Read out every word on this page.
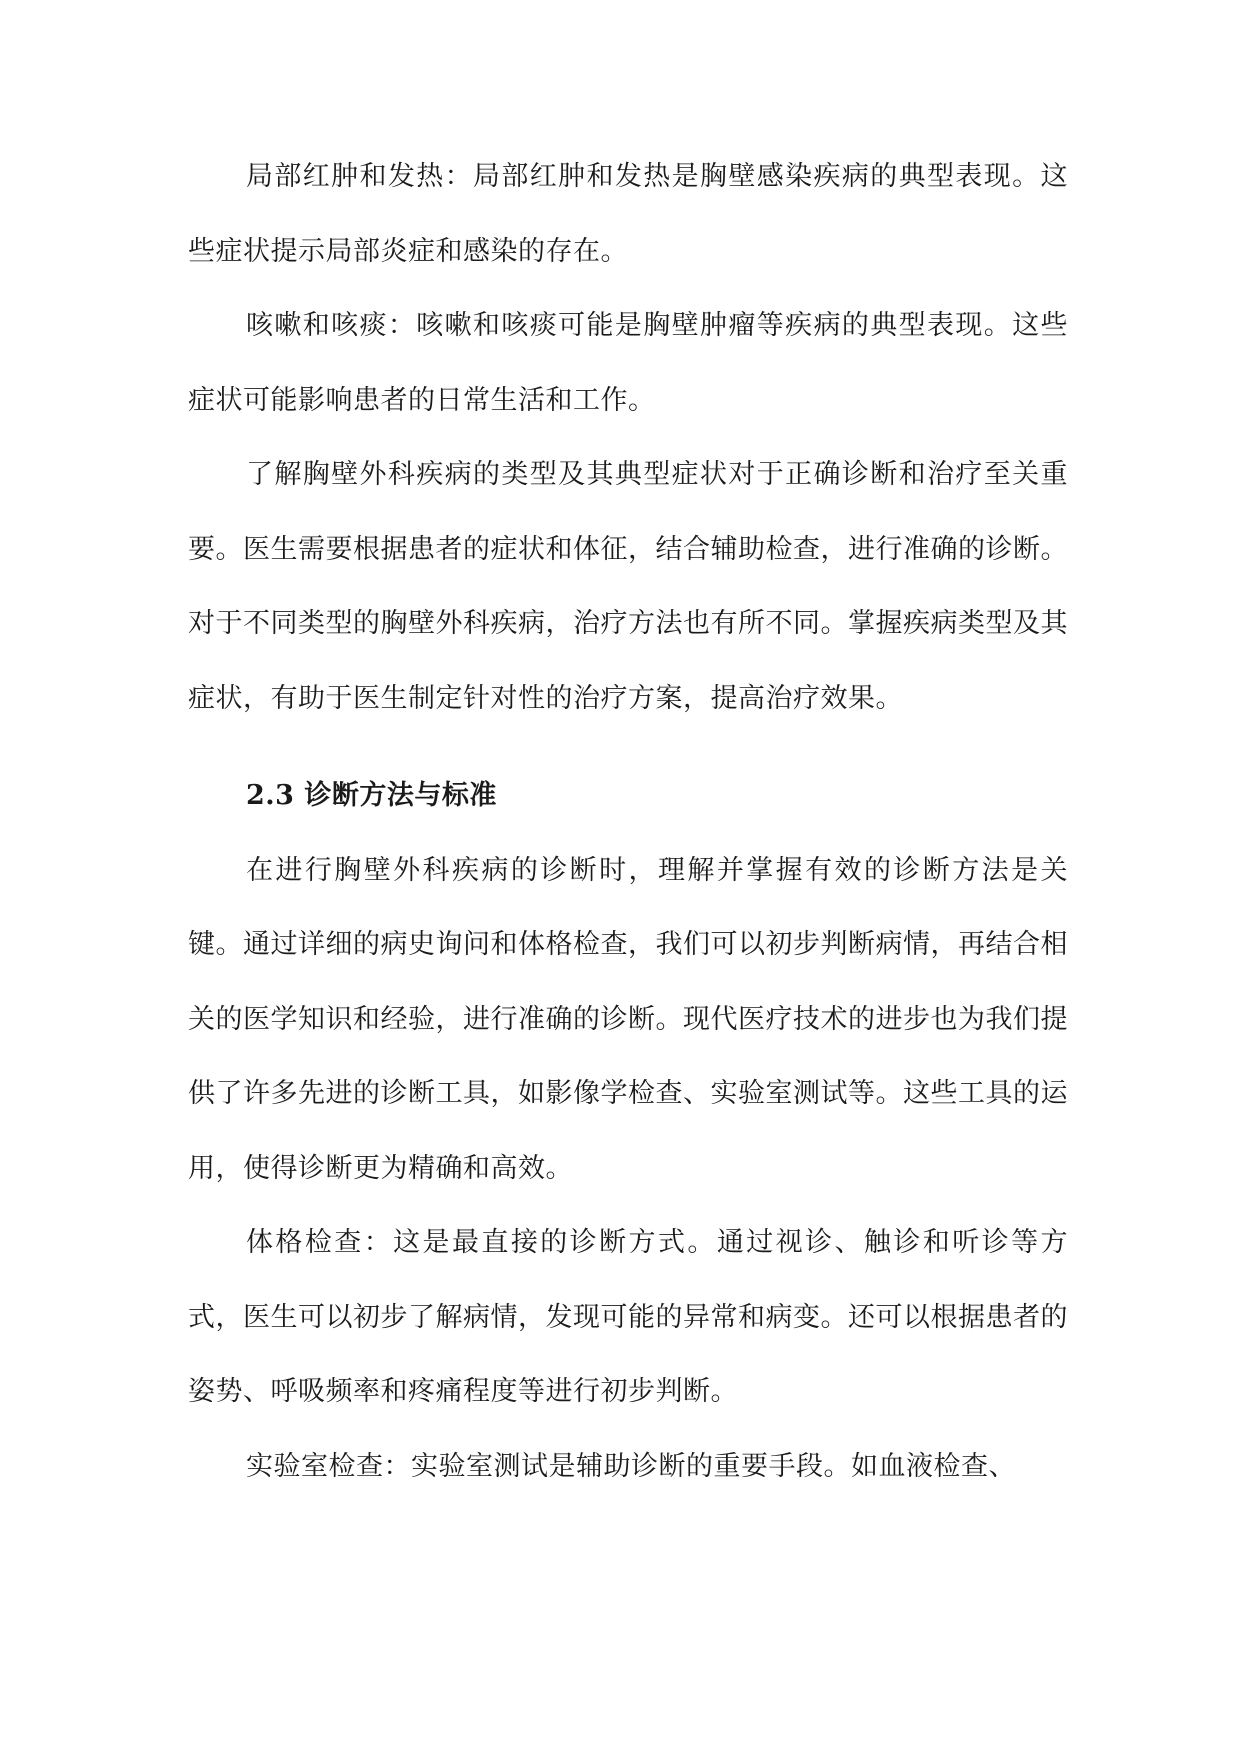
局部红肿和发热：局部红肿和发热是胸壁感染疾病的典型表现。这些症状提示局部炎症和感染的存在。

咳嗽和咳痰：咳嗽和咳痰可能是胸壁肿瘤等疾病的典型表现。这些症状可能影响患者的日常生活和工作。

了解胸壁外科疾病的类型及其典型症状对于正确诊断和治疗至关重要。医生需要根据患者的症状和体征，结合辅助检查，进行准确的诊断。对于不同类型的胸壁外科疾病，治疗方法也有所不同。掌握疾病类型及其症状，有助于医生制定针对性的治疗方案，提高治疗效果。

2.3 诊断方法与标准

在进行胸壁外科疾病的诊断时，理解并掌握有效的诊断方法是关键。通过详细的病史询问和体格检查，我们可以初步判断病情，再结合相关的医学知识和经验，进行准确的诊断。现代医疗技术的进步也为我们提供了许多先进的诊断工具，如影像学检查、实验室测试等。这些工具的运用，使得诊断更为精确和高效。

体格检查：这是最直接的诊断方式。通过视诊、触诊和听诊等方式，医生可以初步了解病情，发现可能的异常和病变。还可以根据患者的姿势、呼吸频率和疼痛程度等进行初步判断。

实验室检查：实验室测试是辅助诊断的重要手段。如血液检查、
